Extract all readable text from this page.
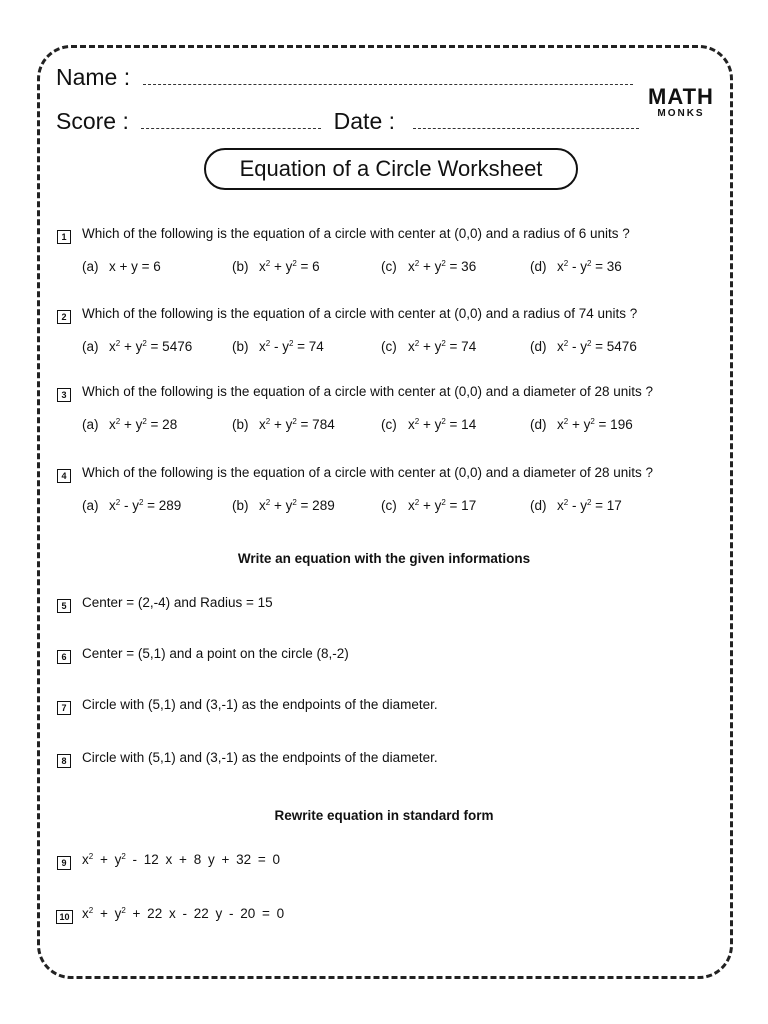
Name :
Score :	Date :
MATH
MONKS
Equation of a Circle Worksheet
1	Which of the following is the equation of a circle with center at (0,0) and a radius of 6 units ?
(a) x + y = 6	(b) $x^2 + y^2 = 6$	(c) $x^2 + y^2 = 36$	(d) $x^2 - y^2 = 36$
2	Which of the following is the equation of a circle with center at (0,0) and a radius of 74 units ?
(a) $x^2 + y^2 = 5476$	(b) $x^2 - y^2 = 74$	(c) $x^2 + y^2 = 74$	(d) $x^2 - y^2 = 5476$
3	Which of the following is the equation of a circle with center at (0,0) and a diameter of 28 units ?
(a) $x^2 + y^2 = 28$	(b) $x^2 + y^2 = 784$	(c) $x^2 + y^2 = 14$	(d) $x^2 + y^2 = 196$
4	Which of the following is the equation of a circle with center at (0,0) and a diameter of 28 units ?
(a) $x^2 - y^2 = 289$	(b) $x^2 + y^2 = 289$	(c) $x^2 + y^2 = 17$	(d) $x^2 - y^2 = 17$
5	Center = (2,-4) and Radius = 15
6	Center = (5,1) and a point on the circle (8,-2)
7	Circle with (5,1) and (3,-1) as the endpoints of the diameter.
8	Circle with (5,1) and (3,-1) as the endpoints of the diameter.
9	$x^2 + y^2 - 12$ x + 8 y + 32 = 0
10 $x^2 + y^2 + 22$ x - 22 y - 20 = 0
Write an equation with the given informations
Rewrite equation in standard form
